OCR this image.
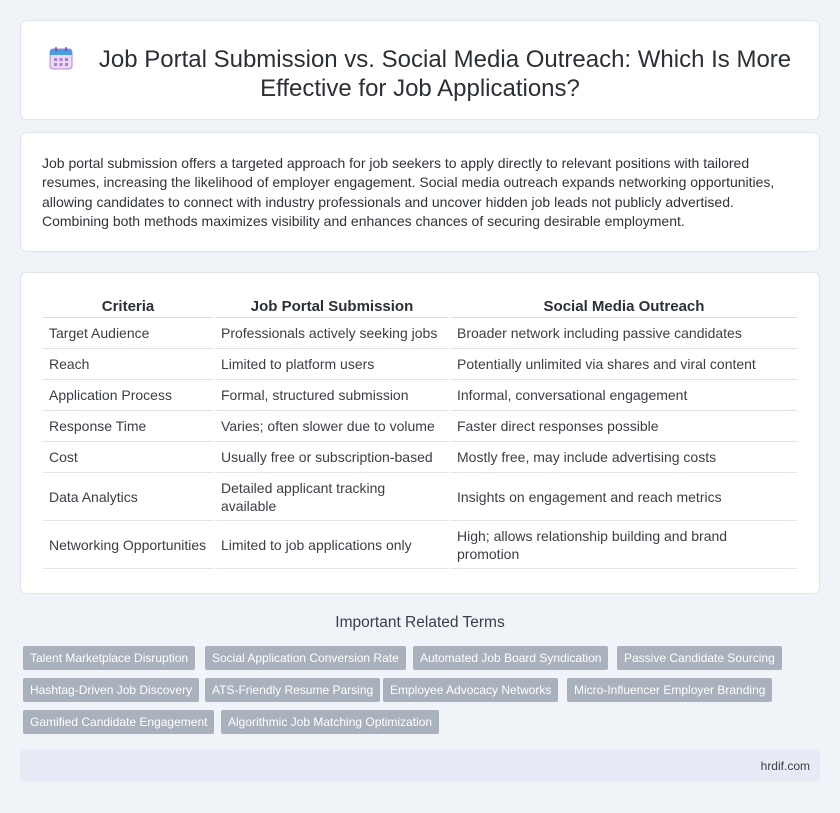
Job Portal Submission vs. Social Media Outreach: Which Is More Effective for Job Applications?

Job portal submission offers a targeted approach for job seekers to apply directly to relevant positions with tailored resumes, increasing the likelihood of employer engagement. Social media outreach expands networking opportunities, allowing candidates to connect with industry professionals and uncover hidden job leads not publicly advertised. Combining both methods maximizes visibility and enhances chances of securing desirable employment.

Criteria	Job Portal Submission	Social Media Outreach
Target Audience	Professionals actively seeking jobs	Broader network including passive candidates
Reach	Limited to platform users	Potentially unlimited via shares and viral content
Application Process	Formal, structured submission	Informal, conversational engagement
Response Time	Varies; often slower due to volume	Faster direct responses possible
Cost	Usually free or subscription-based	Mostly free, may include advertising costs
Data Analytics	Detailed applicant tracking available	Insights on engagement and reach metrics
Networking Opportunities	Limited to job applications only	High; allows relationship building and brand promotion
Important Related Terms
Talent Marketplace Disruption	Social Application Conversion Rate	Automated Job Board Syndication	Passive Candidate Sourcing
Hashtag-Driven Job Discovery	ATS-Friendly Resume Parsing	Employee Advocacy Networks	Micro-Influencer Employer Branding
Gamified Candidate Engagement	Algorithmic Job Matching Optimization
hrdif.com
